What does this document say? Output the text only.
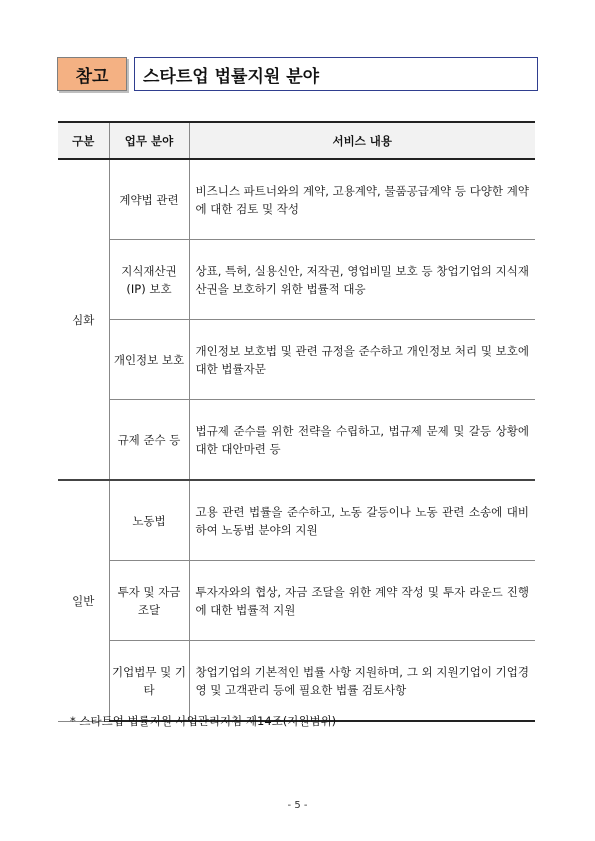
참고	스타트업 법률지원 분야
구분	업무 분야	서비스 내용
심화	계약법 관련	비즈니스 파트너와의 계약, 고용계약, 물품공급계약 등 다양한 계약에 대한 검토 및 작성
	지식재산권 (IP) 보호	상표, 특허, 실용신안, 저작권, 영업비밀 보호 등 창업기업의 지식재산권을 보호하기 위한 법률적 대응
	개인정보 보호	개인정보 보호법 및 관련 규정을 준수하고 개인정보 처리 및 보호에 대한 법률자문
	규제 준수 등	법규제 준수를 위한 전략을 수립하고, 법규제 문제 및 갈등 상황에 대한 대안마련 등
일반	노동법	고용 관련 법률을 준수하고, 노동 갈등이나 노동 관련 소송에 대비하여 노동법 분야의 지원
	투자 및 자금 조달	투자자와의 협상, 자금 조달을 위한 계약 작성 및 투자 라운드 진행에 대한 법률적 지원
	기업법무 및 기타	창업기업의 기본적인 법률 사항 지원하며, 그 외 지원기업이 기업경영 및 고객관리 등에 필요한 법률 검토사항
* 스타트업 법률지원 사업관리지침 제14조(지원범위)
- 5 -
